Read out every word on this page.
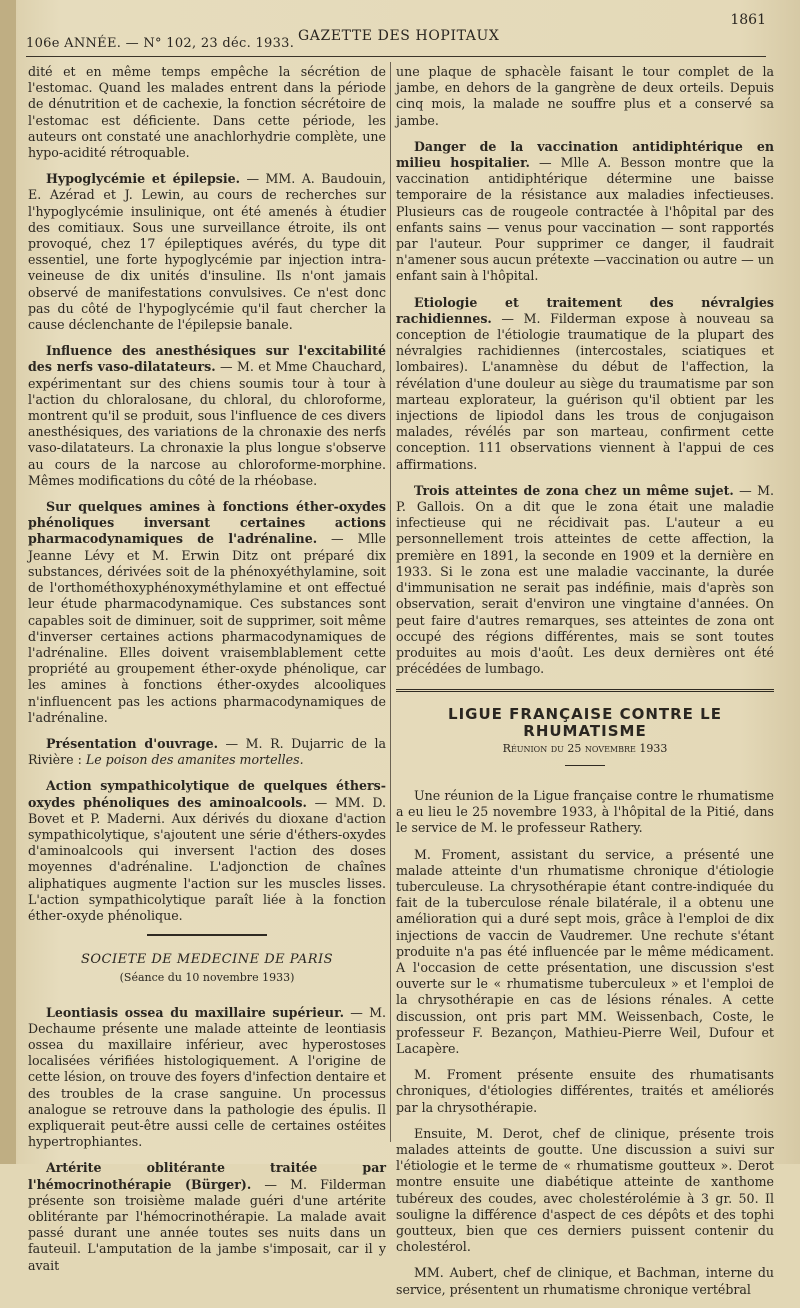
106e ANNÉE. — N° 102, 23 déc. 1933. GAZETTE DES HOPITAUX
1861

dité et en même temps empêche la sécrétion de l'estomac. Quand les malades entrent dans la période de dénutrition et de cachexie, la fonction sécrétoire de l'estomac est déficiente. Dans cette période, les auteurs ont constaté une anachlorhydrie complète, une hypo-acidité rétroquable.

Hypoglycémie et épilepsie. — MM. A. Baudouin, E. Azérad et J. Lewin, au cours de recherches sur l'hypoglycémie insulinique, ont été amenés à étudier des comitiaux. Sous une surveillance étroite, ils ont provoqué, chez 17 épileptiques avérés, du type dit essentiel, une forte hypoglycémie par injection intra-veineuse de dix unités d'insuline. Ils n'ont jamais observé de manifestations convulsives. Ce n'est donc pas du côté de l'hypoglycémie qu'il faut chercher la cause déclenchante de l'épilepsie banale.

Influence des anesthésiques sur l'excitabilité des nerfs vaso-dilatateurs. — M. et Mme Chauchard, expérimentant sur des chiens soumis tour à tour à l'action du chloralosane, du chloral, du chloroforme, montrent qu'il se produit, sous l'influence de ces divers anesthésiques, des variations de la chronaxie des nerfs vaso-dilatateurs. La chronaxie la plus longue s'observe au cours de la narcose au chloroforme-morphine. Mêmes modifications du côté de la rhéobase.

Sur quelques amines à fonctions éther-oxydes phénoliques inversant certaines actions pharmacodynamiques de l'adrénaline. — Mlle Jeanne Lévy et M. Erwin Ditz ont préparé dix substances, dérivées soit de la phénoxyéthylamine, soit de l'orthométhoxyphénoxyméthylamine et ont effectué leur étude pharmacodynamique. Ces substances sont capables soit de diminuer, soit de supprimer, soit même d'inverser certaines actions pharmacodynamiques de l'adrénaline. Elles doivent vraisemblablement cette propriété au groupement éther-oxyde phénolique, car les amines à fonctions éther-oxydes alcooliques n'influencent pas les actions pharmacodynamiques de l'adrénaline.

Présentation d'ouvrage. — M. R. Dujarric de la Rivière : Le poison des amanites mortelles.

Action sympathicolytique de quelques éthers-oxydes phénoliques des aminoalcools. — MM. D. Bovet et P. Maderni. Aux dérivés du dioxane d'action sympathicolytique, s'ajoutent une série d'éthers-oxydes d'aminoalcools qui inversent l'action des doses moyennes d'adrénaline. L'adjonction de chaînes aliphatiques augmente l'action sur les muscles lisses. L'action sympathicolytique paraît liée à la fonction éther-oxyde phénolique.

SOCIETE DE MEDECINE DE PARIS
(Séance du 10 novembre 1933)

Leontiasis ossea du maxillaire supérieur. — M. Dechaume présente une malade atteinte de leontiasis ossea du maxillaire inférieur, avec hyperostoses localisées vérifiées histologiquement. A l'origine de cette lésion, on trouve des foyers d'infection dentaire et des troubles de la crase sanguine. Un processus analogue se retrouve dans la pathologie des épulis. Il expliquerait peut-être aussi celle de certaines ostéites hypertrophiantes.

Artérite oblitérante traitée par l'hémocrinothérapie (Bürger). — M. Filderman présente son troisième malade guéri d'une artérite oblitérante par l'hémocrinothérapie. La malade avait passé durant une année toutes ses nuits dans un fauteuil. L'amputation de la jambe s'imposait, car il y avait

une plaque de sphacèle faisant le tour complet de la jambe, en dehors de la gangrène de deux orteils. Depuis cinq mois, la malade ne souffre plus et a conservé sa jambe.

Danger de la vaccination antidiphtérique en milieu hospitalier. — Mlle A. Besson montre que la vaccination antidiphtérique détermine une baisse temporaire de la résistance aux maladies infectieuses. Plusieurs cas de rougeole contractée à l'hôpital par des enfants sains — venus pour vaccination — sont rapportés par l'auteur. Pour supprimer ce danger, il faudrait n'amener sous aucun prétexte —vaccination ou autre — un enfant sain à l'hôpital.

Etiologie et traitement des névralgies rachidiennes. — M. Filderman expose à nouveau sa conception de l'étiologie traumatique de la plupart des névralgies rachidiennes (intercostales, sciatiques et lombaires). L'anamnèse du début de l'affection, la révélation d'une douleur au siège du traumatisme par son marteau explorateur, la guérison qu'il obtient par les injections de lipiodol dans les trous de conjugaison malades, révélés par son marteau, confirment cette conception. 111 observations viennent à l'appui de ces affirmations.

Trois atteintes de zona chez un même sujet. — M. P. Gallois. On a dit que le zona était une maladie infectieuse qui ne récidivait pas. L'auteur a eu personnellement trois atteintes de cette affection, la première en 1891, la seconde en 1909 et la dernière en 1933. Si le zona est une maladie vaccinante, la durée d'immunisation ne serait pas indéfinie, mais d'après son observation, serait d'environ une vingtaine d'années. On peut faire d'autres remarques, ses atteintes de zona ont occupé des régions différentes, mais se sont toutes produites au mois d'août. Les deux dernières ont été précédées de lumbago.

LIGUE FRANÇAISE CONTRE LE RHUMATISME
Réunion du 25 novembre 1933

Une réunion de la Ligue française contre le rhumatisme a eu lieu le 25 novembre 1933, à l'hôpital de la Pitié, dans le service de M. le professeur Rathery.

M. Froment, assistant du service, a présenté une malade atteinte d'un rhumatisme chronique d'étiologie tuberculeuse. La chrysothérapie étant contre-indiquée du fait de la tuberculose rénale bilatérale, il a obtenu une amélioration qui a duré sept mois, grâce à l'emploi de dix injections de vaccin de Vaudremer. Une rechute s'étant produite n'a pas été influencée par le même médicament. A l'occasion de cette présentation, une discussion s'est ouverte sur le « rhumatisme tuberculeux » et l'emploi de la chrysothérapie en cas de lésions rénales. A cette discussion, ont pris part MM. Weissenbach, Coste, le professeur F. Bezançon, Mathieu-Pierre Weil, Dufour et Lacapère.

M. Froment présente ensuite des rhumatisants chroniques, d'étiologies différentes, traités et améliorés par la chrysothérapie.

Ensuite, M. Derot, chef de clinique, présente trois malades atteints de goutte. Une discussion a suivi sur l'étiologie et le terme de « rhumatisme goutteux ». Derot montre ensuite une diabétique atteinte de xanthome tubéreux des coudes, avec cholestérolémie à 3 gr. 50. Il souligne la différence d'aspect de ces dépôts et des tophi goutteux, bien que ces derniers puissent contenir du cholestérol.

MM. Aubert, chef de clinique, et Bachman, interne du service, présentent un rhumatisme chronique vertébral
